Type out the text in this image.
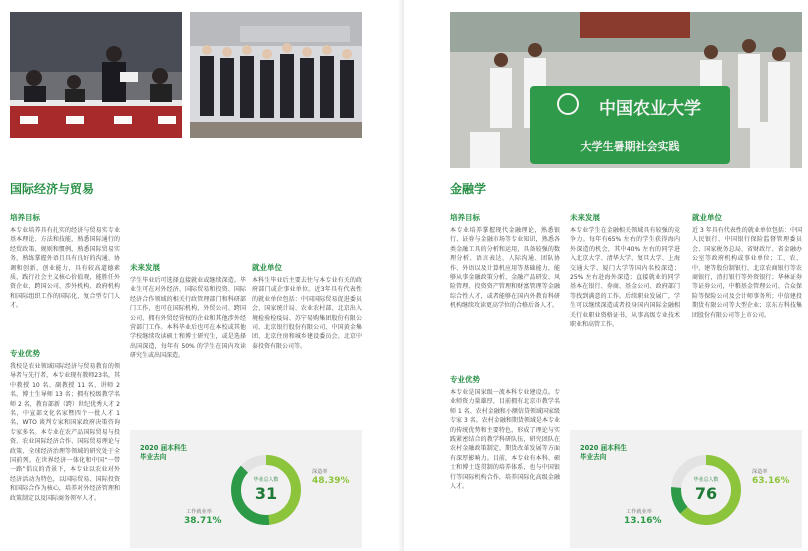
国际经济与贸易
培养目标
本专业培养具有扎实的经济与贸易实专业基本理论、方法和技能，熟悉国际通行的经贸政策、规则和惯例，熟悉国际贸易实务，熟练掌握外语且具有良好的沟通、协调和创新、创业能力，具有较高道德素质，践行社会主义核心价值观，能胜任外资企业、跨国公司、涉外机构、政府机构和国际组织工作的国际化、复合型专门人才。
专业优势
我校是农业领域国际经济与贸易教育的领导者与先行者，本专业现有教师23名，其中教授 10 名、副教授 11 名、讲师 2 名，博士生导师 13 名；拥有校级教学名师 2 名，教育部新（跨）世纪优秀人才 2 名，中宣部文化名家暨四个一批人才 1 名，WTO 谈判专家和国家政府决策咨询专家多名。本专业在农产品国际贸易与投资、农业国际经济合作、国际贸易理论与政策、全球经济治理等领域的研究处于全国前列。在世界经济一体化和中国“一带一路”倡议的背景下，本专业以农业对外经济活动为特色，以国际贸易、国际投资和国际合作为核心，培养对外经济管理和政策制定以及国际商务领军人才。
未来发展
学生毕业后可选择直接就业或继续深造。毕业生可在对外经济、国际贸易和投资、国际经济合作领域的相关行政管理部门和科研部门工作，也可在国际机构、外贸公司、跨国公司、拥有外贸经营权的企业和其他涉外经营部门工作。本科毕业后也可在本校或其他学校继续攻读硕士和博士研究生，或是选择出国深造，每年有 50% 的学生在国内攻读研究生或出国深造。
就业单位
本科生毕业后主要去往与本专业有关的政府部门或企事业单位。近3年具有代表性的就业单位包括：中国国际贸易促进委员会、国家统计局、农业农村部、北京出入境检验检疫局、苏宁易购集团股份有限公司、北京银行股份有限公司、中国黄金集团、北京住房和城乡建设委员会、北京中泰投资有限公司等。
2020 届本科生
毕业去向
毕业总人数
31
深造率
48.39%
工作就业率
38.71%
中国农业大学
大学生暑期社会实践
金融学
培养目标
本专业培养掌握现代金融理论，熟悉银行、证券与金融市场等专业知识，熟悉各类金融工具的分析和运用，具备较强的数理分析、语言表达、人际沟通、团队协作、外语以及计算机应用等基础能力，能够从事金融政策分析、金融产品研发、风险管理、投资资产管理和财富管理等金融综合性人才，或者能够在国内外教育科研机构继续攻读更高学位的合格后备人才。
专业优势
本专业是国家级一流本科专业建设点。专业师资力量雄厚，目前拥有北京市教学名师 1 名、农村金融和小额信贷领域国家级专家 3 名。农村金融和期货领域是本专业的传统优势和主要特色，形成了理论与实践紧密结合的教学科研队伍，研究团队在农村金融政策制定、期货改革发展等方面有深厚影响力。目前，本专业有本科、硕士和博士连贯制的培养体系，也与中国银行等国际机构合作，培养国际化高级金融人才。
未来发展
本专业学生在金融相关领域具有较强的竞争力。每年有65% 左右的学生获得海内外深造的机会，其中40% 左右的同学进入北京大学、清华大学、复旦大学、上海交通大学、厦门大学等国内名校深造；25% 左右赴海外深造；直接就业的同学基本在银行、券商、基金公司、政府部门等找到满意的工作。后续职业发展广，学生可以继续深造或者投身国内国际金融相关行业职业资格证书，从事高级专业技术职业和高管工作。
就业单位
近 3 年具有代表性的就业单位包括：中国人民银行、中国银行保险监督管理委员会、国家税务总局、省财政厅、省金融办公室等政府机构或事业单位；工、农、中、建等股份制银行，北京农商银行等农商银行，渣打银行等外资银行；华林证券等证券公司，中粮基金管理公司、合众保险等保险公司及会计师事务所；中信建投期货有限公司等大型企业；京东方科技集团股份有限公司等上市公司。
2020 届本科生
毕业去向
毕业总人数
76
深造率
63.16%
工作就业率
13.16%
